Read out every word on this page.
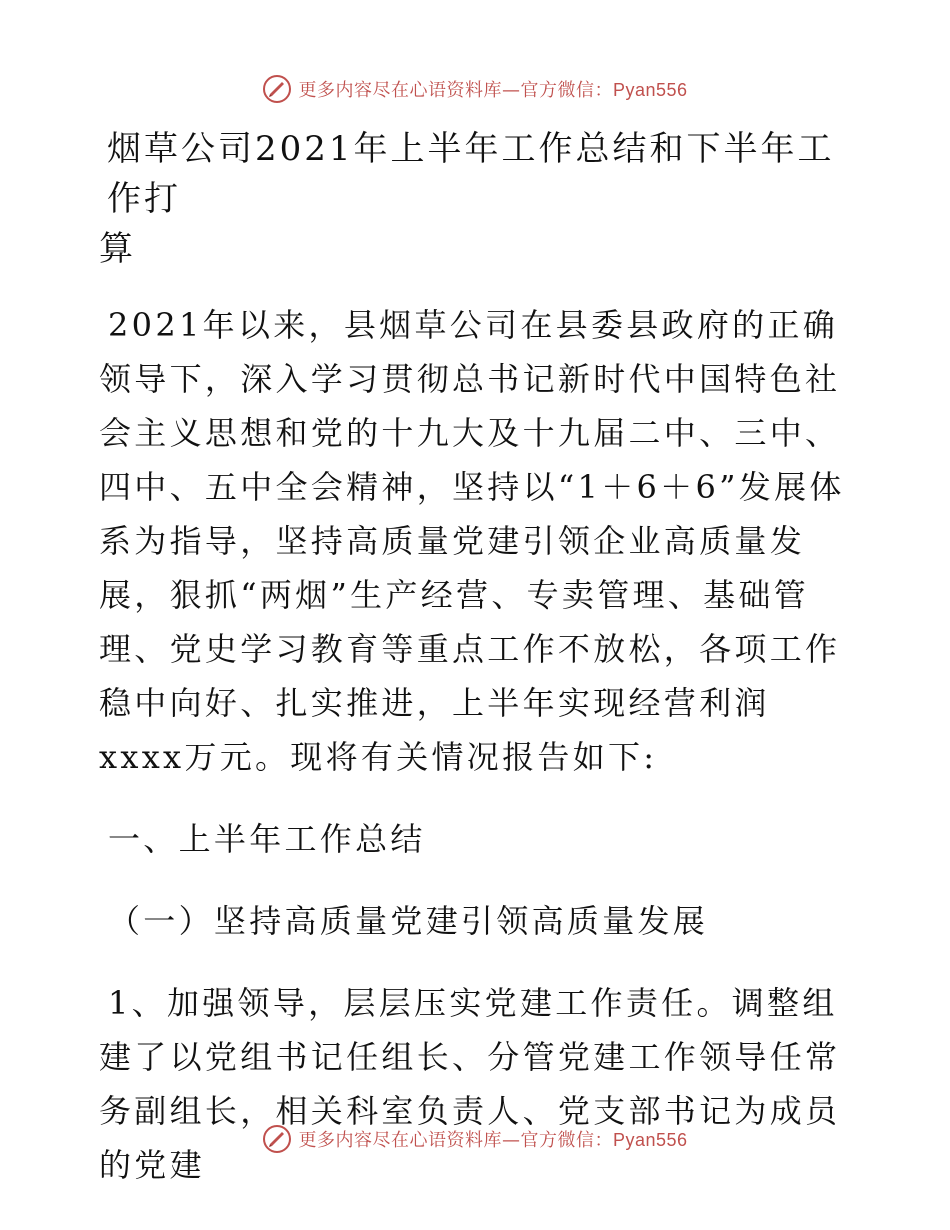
更多内容尽在心语资料库—官方微信：Pyan556
烟草公司2021年上半年工作总结和下半年工作打
算

2021年以来，县烟草公司在县委县政府的正确领导下，深入学习贯彻总书记新时代中国特色社会主义思想和党的十九大及十九届二中、三中、四中、五中全会精神，坚持以“1＋6＋6”发展体系为指导，坚持高质量党建引领企业高质量发展，狠抓“两烟”生产经营、专卖管理、基础管理、党史学习教育等重点工作不放松，各项工作稳中向好、扎实推进，上半年实现经营利润xxxx万元。现将有关情况报告如下:

一、上半年工作总结

（一）坚持高质量党建引领高质量发展

1、加强领导，层层压实党建工作责任。调整组建了以党组书记任组长、分管党建工作领导任常务副组长，相关科室负责人、党支部书记为成员的党建

更多内容尽在心语资料库—官方微信：Pyan556
